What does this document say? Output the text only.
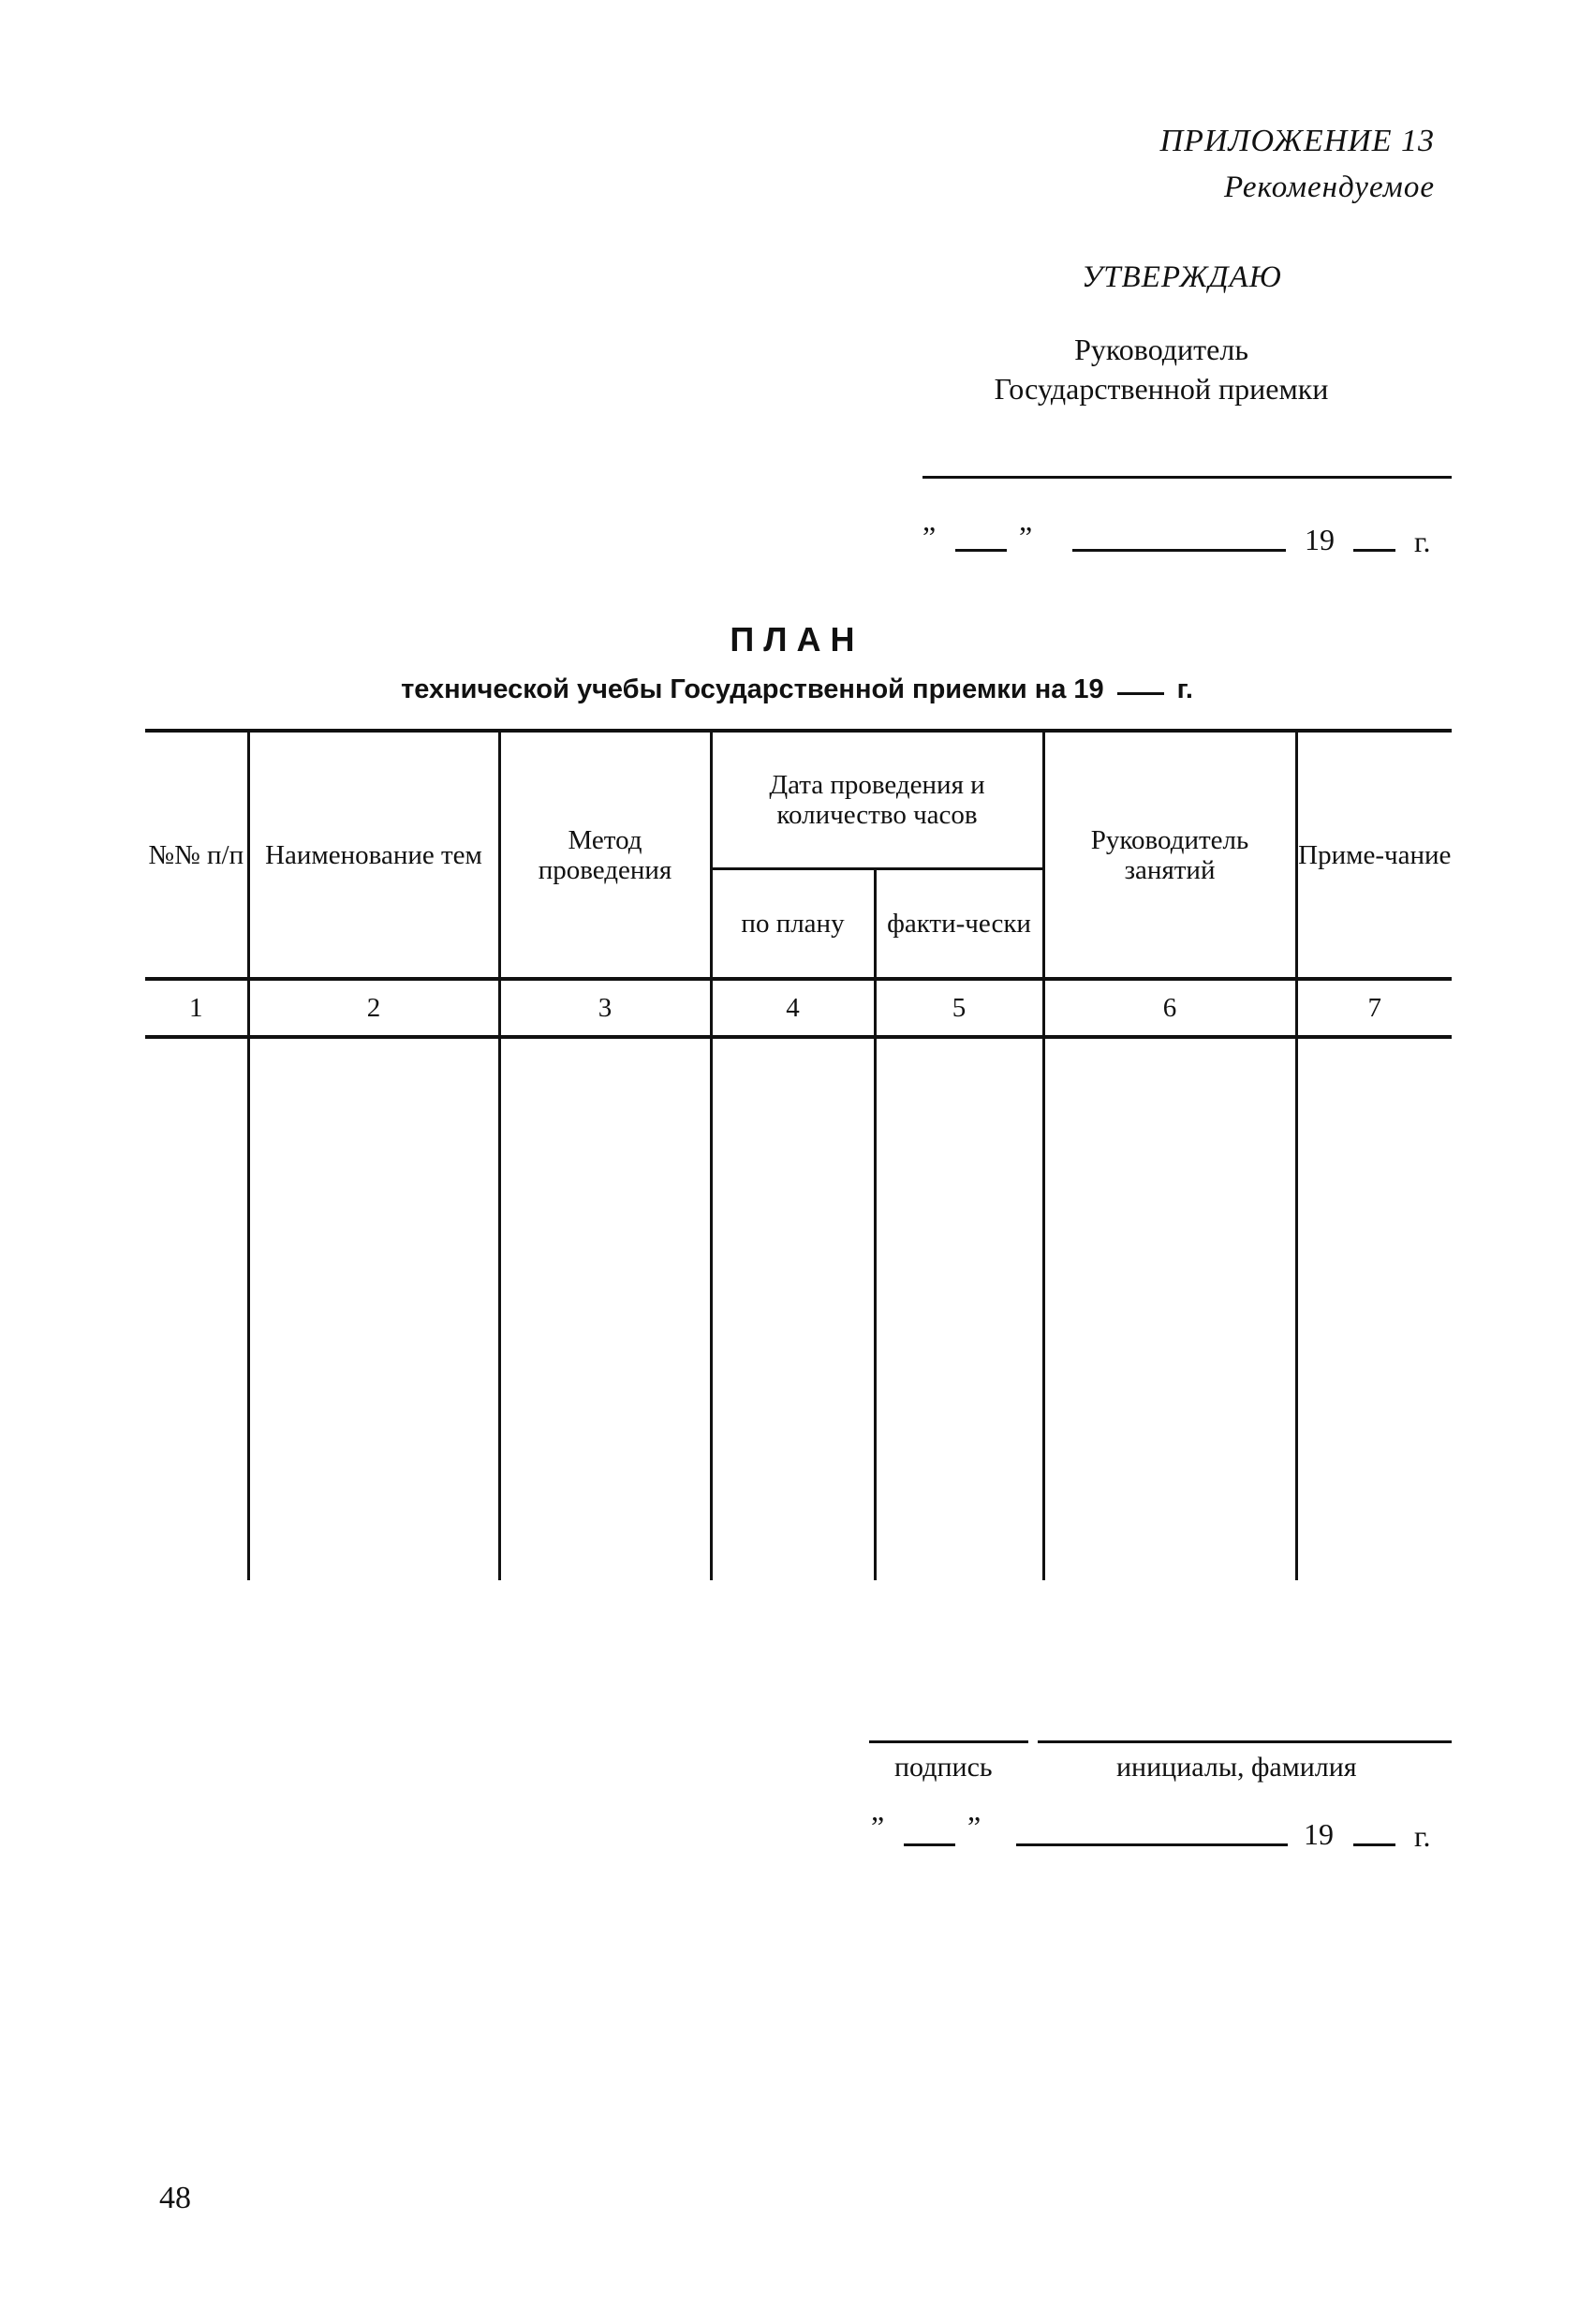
ПРИЛОЖЕНИЕ 13
Рекомендуемое
УТВЕРЖДАЮ
Руководитель
Государственной приемки
”	”	19	г.
ПЛАН
технической учебы Государственной приемки на 19	г.
№№ п/п	Наименование тем	Метод проведения	Дата проведения и количество часов		Руководитель занятий	Приме-чание
			по плану	факти-чески		
1	2	3	4	5	6	7

подпись	инициалы, фамилия
”	”	19	г.
48
